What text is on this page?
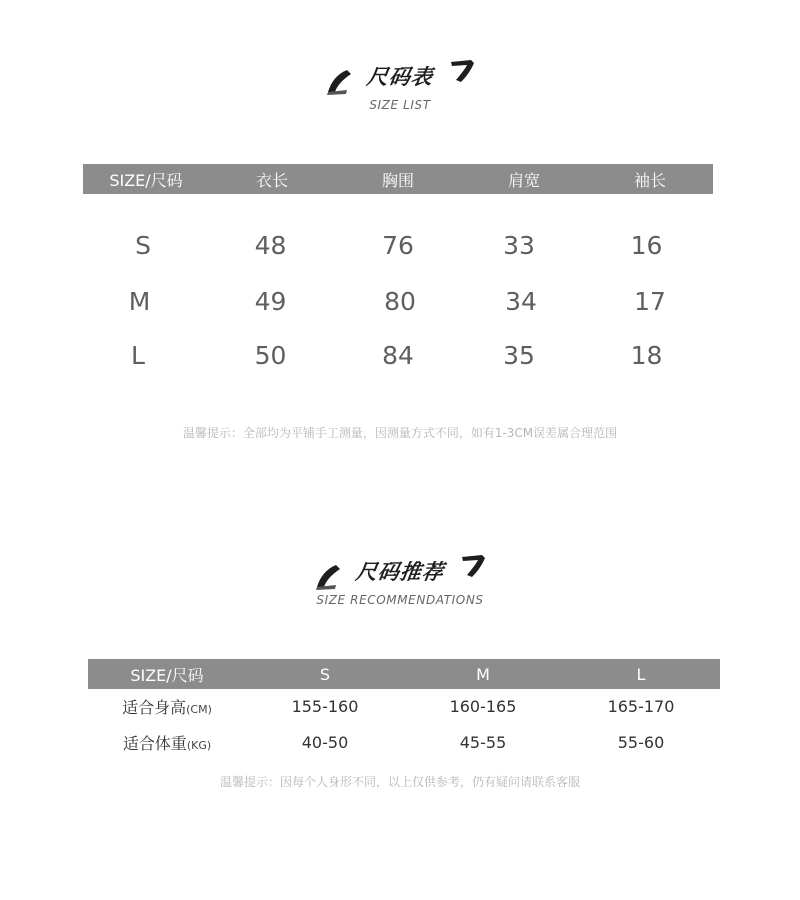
尺码表
SIZE LIST
SIZE/尺码	衣长	胸围	肩宽	袖长
S	48	76	33	16
M	49	80	34	17
L	50	84	35	18
温馨提示：全部均为平铺手工测量，因测量方式不同，如有1-3CM误差属合理范围
尺码推荐
SIZE RECOMMENDATIONS
SIZE/尺码	S	M	L
适合身高(CM)	155-160	160-165	165-170
适合体重(KG)	40-50	45-55	55-60
温馨提示：因每个人身形不同，以上仅供参考，仍有疑问请联系客服
